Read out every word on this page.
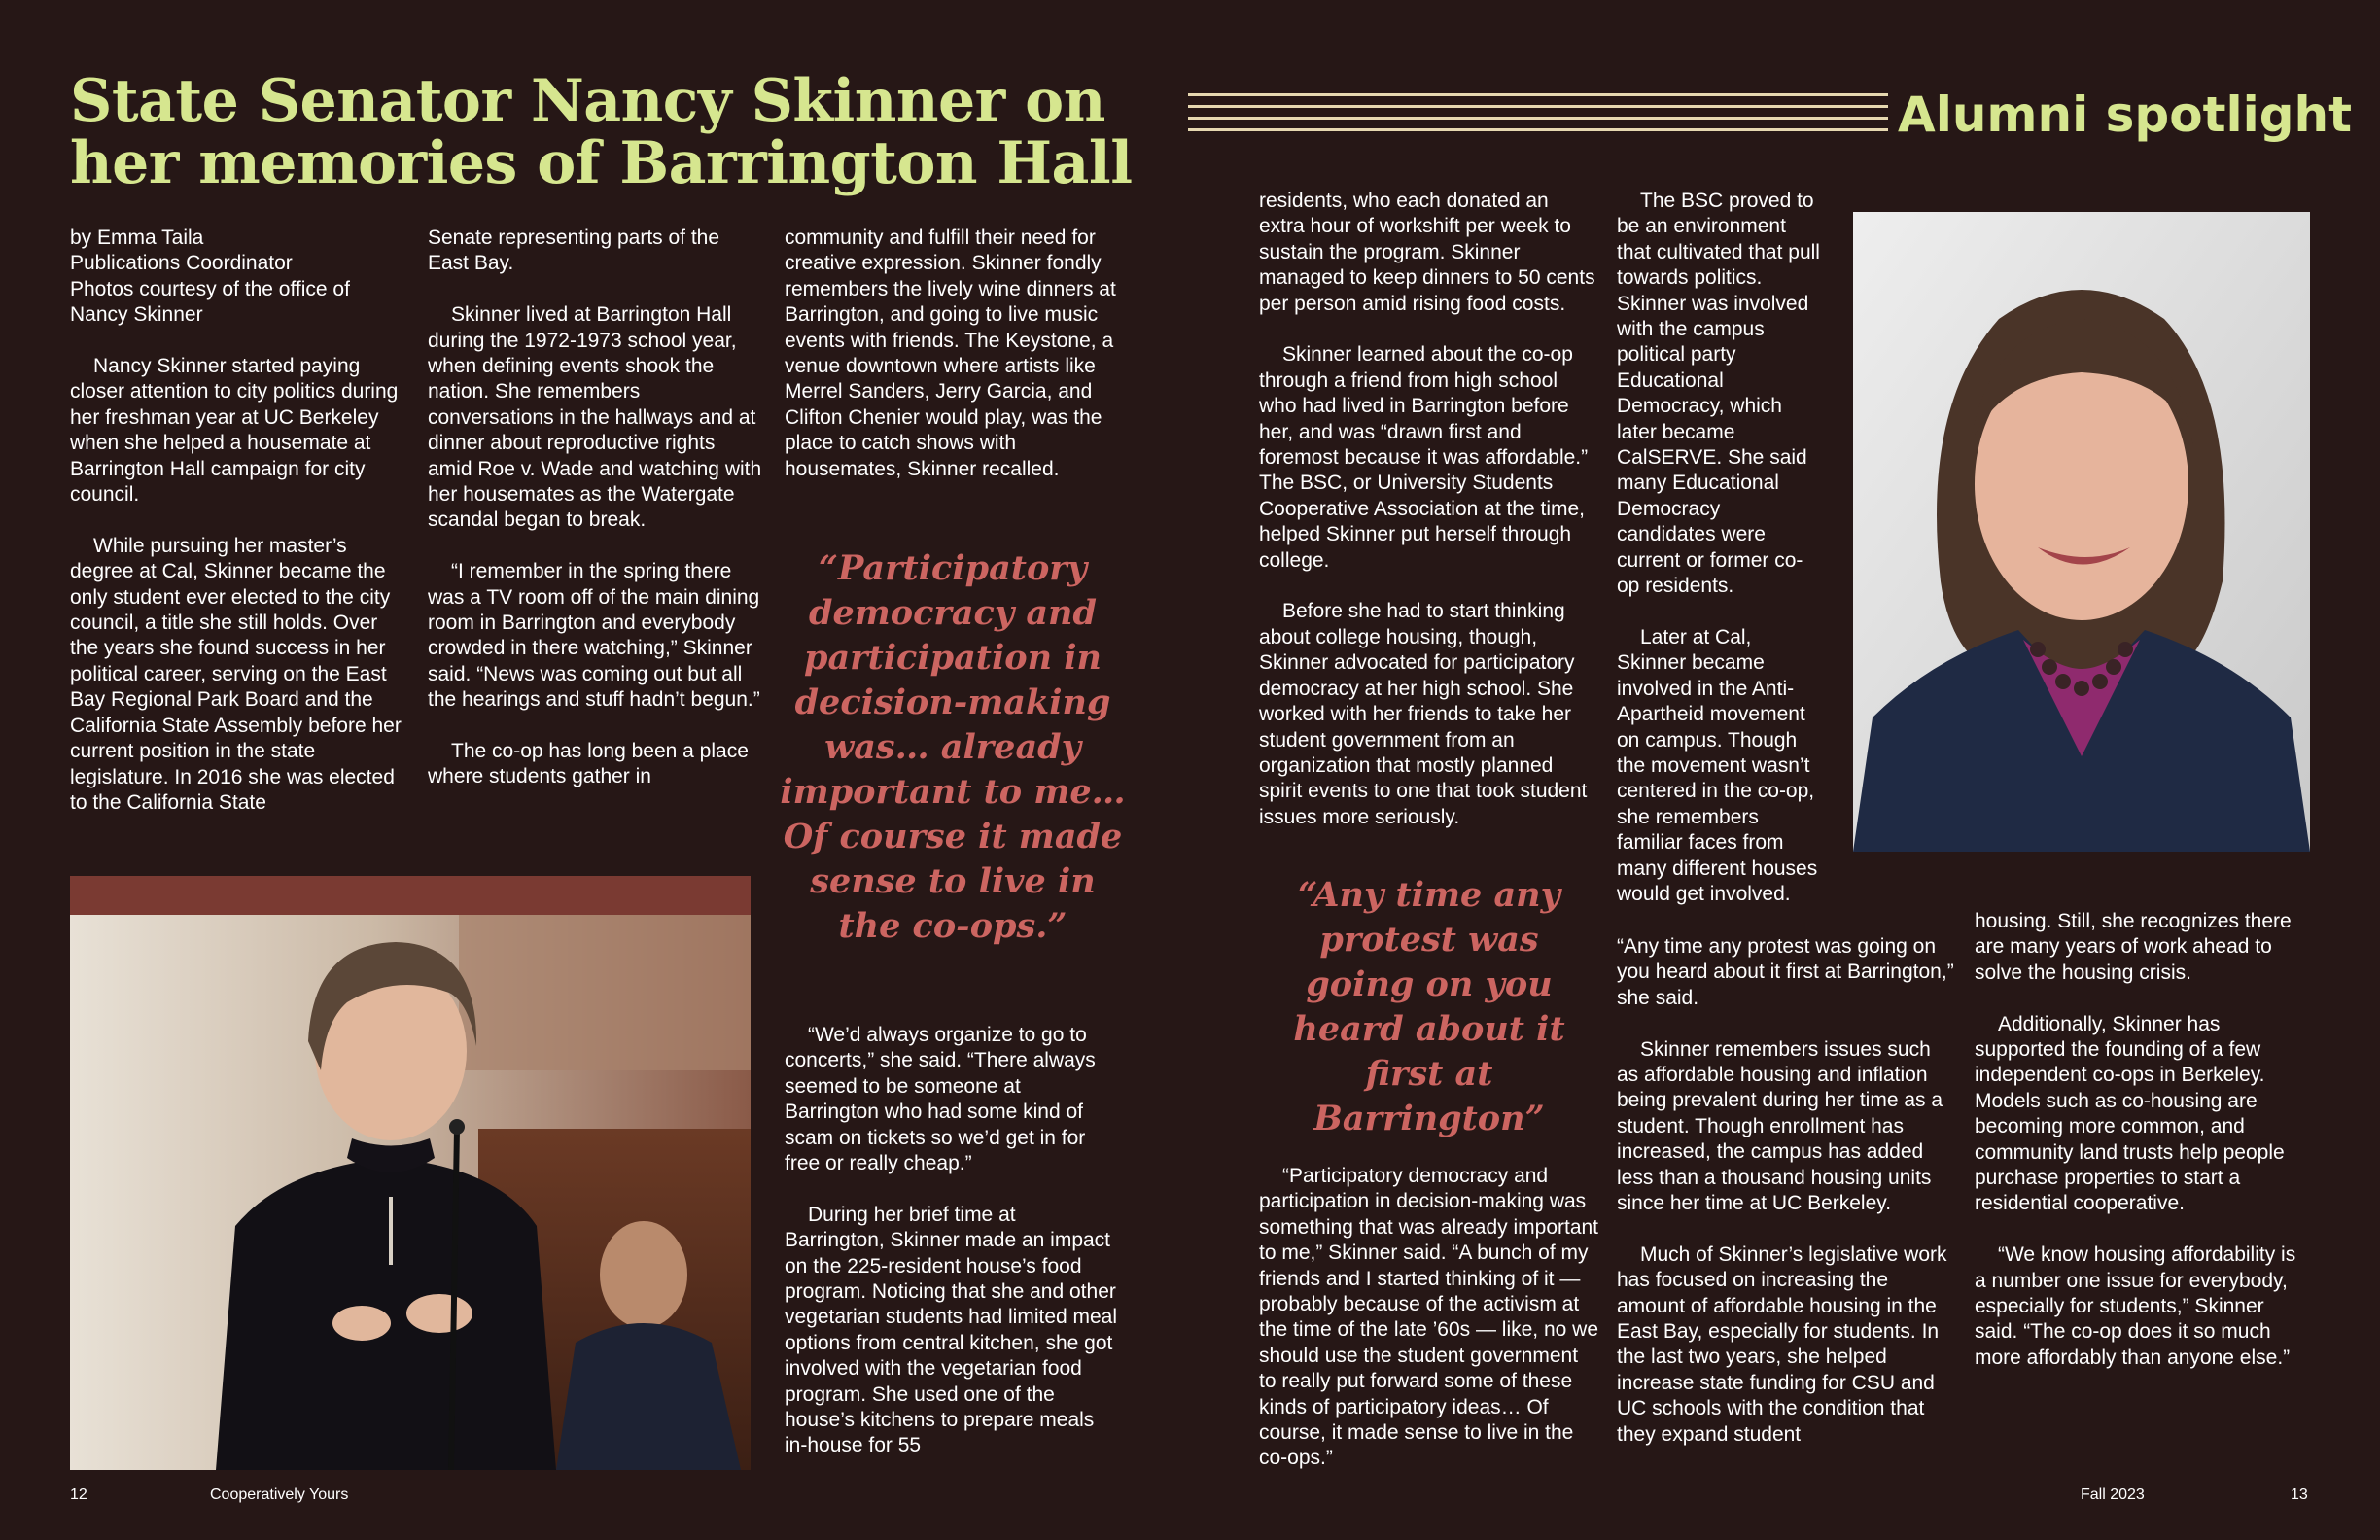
State Senator Nancy Skinner on her memories of Barrington Hall
Alumni spotlight
by Emma Taila
Publications Coordinator
Photos courtesy of the office of
Nancy Skinner

Nancy Skinner started paying closer attention to city politics during her freshman year at UC Berkeley when she helped a housemate at Barrington Hall campaign for city council.

While pursuing her master’s degree at Cal, Skinner became the only student ever elected to the city council, a title she still holds. Over the years she found success in her political career, serving on the East Bay Regional Park Board and the California State Assembly before her current position in the state legislature. In 2016 she was elected to the California State

Senate representing parts of the East Bay.

Skinner lived at Barrington Hall during the 1972-1973 school year, when defining events shook the nation. She remembers conversations in the hallways and at dinner about reproductive rights amid Roe v. Wade and watching with her housemates as the Watergate scandal began to break.

“I remember in the spring there was a TV room off of the main dining room in Barrington and everybody crowded in there watching,” Skinner said. “News was coming out but all the hearings and stuff hadn’t begun.”

The co-op has long been a place where students gather in

community and fulfill their need for creative expression. Skinner fondly remembers the lively wine dinners at Barrington, and going to live music events with friends. The Keystone, a venue downtown where artists like Merrel Sanders, Jerry Garcia, and Clifton Chenier would play, was the place to catch shows with housemates, Skinner recalled.

“Participatory democracy and participation in decision-making was… already important to me… Of course it made sense to live in the co-ops.”

“We’d always organize to go to concerts,” she said. “There always seemed to be someone at Barrington who had some kind of scam on tickets so we’d get in for free or really cheap.”

During her brief time at Barrington, Skinner made an impact on the 225-resident house’s food program. Noticing that she and other vegetarian students had limited meal options from central kitchen, she got involved with the vegetarian food program. She used one of the house’s kitchens to prepare meals in-house for 55

residents, who each donated an extra hour of workshift per week to sustain the program. Skinner managed to keep dinners to 50 cents per person amid rising food costs.

Skinner learned about the co-op through a friend from high school who had lived in Barrington before her, and was “drawn first and foremost because it was affordable.” The BSC, or University Students Cooperative Association at the time, helped Skinner put herself through college.

Before she had to start thinking about college housing, though, Skinner advocated for participatory democracy at her high school. She worked with her friends to take her student government from an organization that mostly planned spirit events to one that took student issues more seriously.

“Any time any protest was going on you heard about it first at Barrington”

“Participatory democracy and participation in decision-making was something that was already important to me,” Skinner said. “A bunch of my friends and I started thinking of it — probably because of the activism at the time of the late ’60s — like, no we should use the student government to really put forward some of these kinds of participatory ideas… Of course, it made sense to live in the co-ops.”

The BSC proved to be an environment that cultivated that pull towards politics. Skinner was involved with the campus political party Educational Democracy, which later became CalSERVE. She said many Educational Democracy candidates were current or former co-op residents.

Later at Cal, Skinner became involved in the Anti-Apartheid movement on campus. Though the movement wasn’t centered in the co-op, she remembers familiar faces from many different houses would get involved.

“Any time any protest was going on you heard about it first at Barrington,” she said.

Skinner remembers issues such as affordable housing and inflation being prevalent during her time as a student. Though enrollment has increased, the campus has added less than a thousand housing units since her time at UC Berkeley.

Much of Skinner’s legislative work has focused on increasing the amount of affordable housing in the East Bay, especially for students. In the last two years, she helped increase state funding for CSU and UC schools with the condition that they expand student

housing. Still, she recognizes there are many years of work ahead to solve the housing crisis.

Additionally, Skinner has supported the founding of a few independent co-ops in Berkeley. Models such as co-housing are becoming more common, and community land trusts help people purchase properties to start a residential cooperative.

“We know housing affordability is a number one issue for everybody, especially for students,” Skinner said. “The co-op does it so much more affordably than anyone else.”

12	Cooperatively Yours	Fall 2023	13
